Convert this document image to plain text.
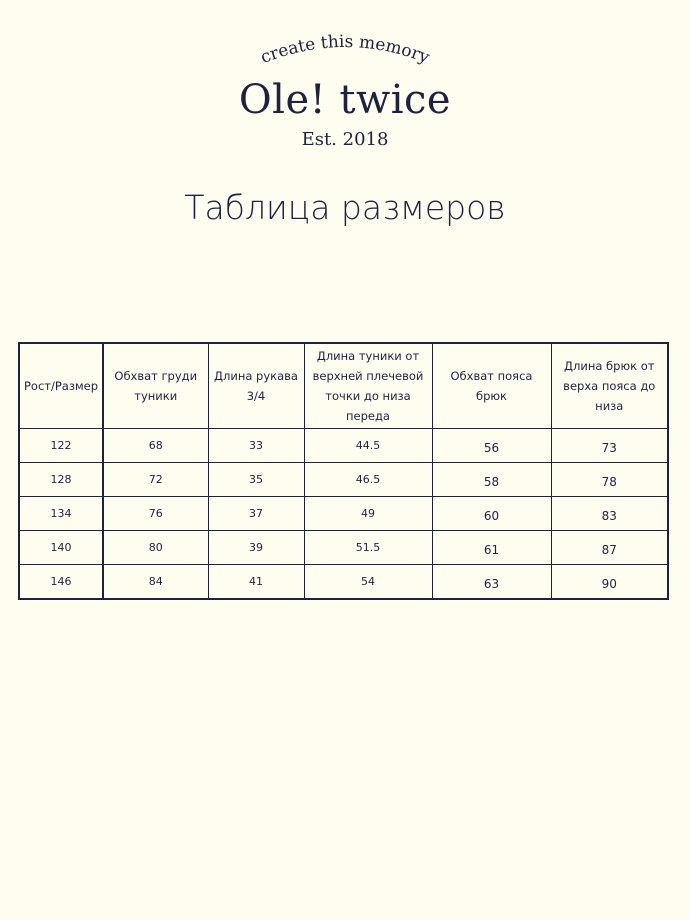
create this memory
Ole! twice
Est. 2018
Таблица размеров
Рост/Размер	Обхват груди туники	Длина рукава 3/4	Длина туники от верхней плечевой точки до низа переда	Обхват пояса брюк	Длина брюк от верха пояса до низа
122	68	33	44.5	56	73
128	72	35	46.5	58	78
134	76	37	49	60	83
140	80	39	51.5	61	87
146	84	41	54	63	90
